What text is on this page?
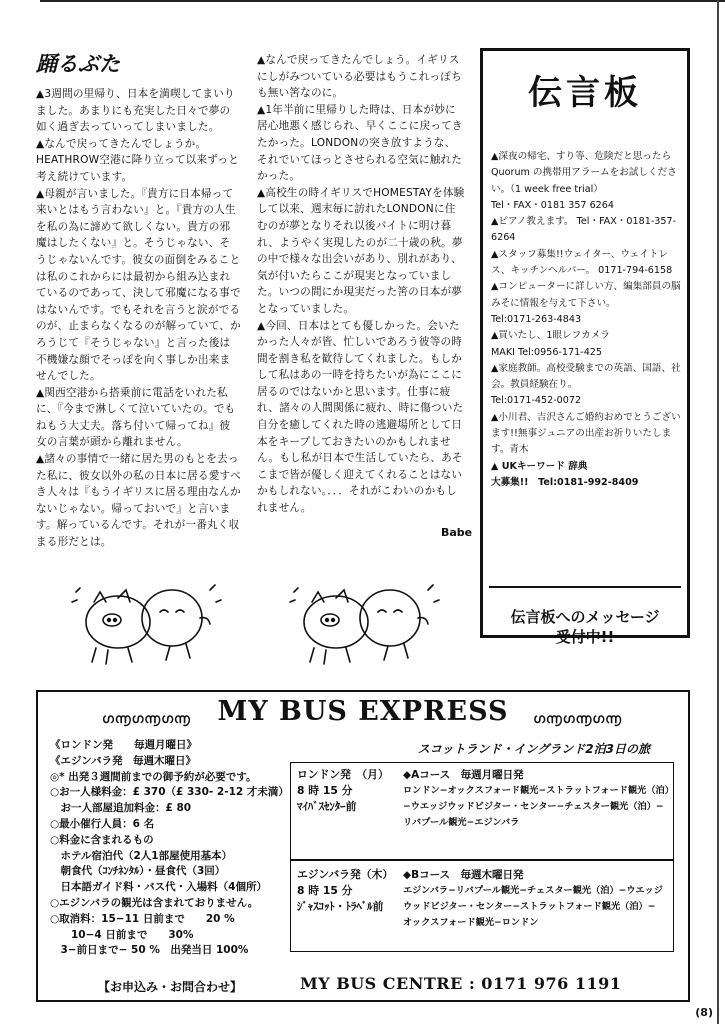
踊るぶた

▲3週間の里帰り、日本を満喫してまいりました。あまりにも充実した日々で夢の如く過ぎ去っていってしまいました。

▲なんで戻ってきたんでしょうか。

HEATHROW空港に降り立って以来ずっと考え続けています。

▲母親が言いました。『貴方に日本帰って来いとはもう言わない』と。『貴方の人生を私の為に諦めて欲しくない。貴方の邪魔はしたくない』と。そうじゃない、そうじゃないんです。彼女の面倒をみることは私のこれからには最初から組み込まれているのであって、決して邪魔になる事ではないんです。でもそれを言うと涙がでるのが、止まらなくなるのが解っていて、かろうじて『そうじゃない』と言った後は不機嫌な顔でそっぽを向く事しか出来ませんでした。

▲関西空港から搭乗前に電話をいれた私に、『今まで淋しくて泣いていたの。でもねもう大丈夫。落ち付いて帰ってね』彼女の言葉が頭から離れません。

▲諸々の事情で一緒に居た男のもとを去った私に、彼女以外の私の日本に居る愛すべき人々は『もうイギリスに居る理由なんかないじゃない。帰っておいで』と言います。解っているんです。それが一番丸く収まる形だとは。

▲なんで戻ってきたんでしょう。イギリスにしがみついている必要はもうこれっぽちも無い筈なのに。

▲1年半前に里帰りした時は、日本が妙に居心地悪く感じられ、早くここに戻ってきたかった。LONDONの突き放すような、それでいてほっとさせられる空気に触れたかった。

▲高校生の時イギリスでHOMESTAYを体験して以来、週末毎に訪れたLONDONに住むのが夢となりそれ以後バイトに明け暮れ、ようやく実現したのが二十歳の秋。夢の中で様々な出会いがあり、別れがあり、気が付いたらここが現実となっていました。いつの間にか現実だった筈の日本が夢となっていました。

▲今回、日本はとても優しかった。会いたかった人々が皆、忙しいであろう彼等の時間を割き私を歓待してくれました。もしかして私はあの一時を持ちたいが為にここに居るのではないかと思います。仕事に疲れ、諸々の人間関係に疲れ、時に傷ついた自分を癒してくれた時の逃避場所として日本をキープしておきたいのかもしれません。もし私が日本で生活していたら、あそこまで皆が優しく迎えてくれることはないかもしれない。．．．それがこわいのかもしれません。

Babe
伝言板

▲深夜の帰宅、すり等、危険だと思ったら Quorum の携帯用アラームをお試しください。（1 week free trial）

Tel・FAX・0181 357 6264

▲ピアノ教えます。 Tel・FAX・0181-357-6264

▲スタッフ募集!!ウェイター、ウェイトレス、キッチンヘルパー。 0171-794-6158

▲コンピューターに詳しい方、編集部員の脳みそに情報を与えて下さい。

Tel:0171-263-4843

▲買いたし、1眼レフカメラ

MAKI Tel:0956-171-425

▲家庭教師。高校受験までの英語、国語、社会。教員経験在り。

Tel:0171-452-0072

▲小川君、吉沢さんご婚約おめでとうございます!!無事ジュニアの出産お祈りいたします。青木

▲ UKキーワード 辞典

大募集!!　Tel:0181-992-8409

伝言板へのメッセージ
受付中!!
ഗ൬ഗ൬ഗ൬ MY BUS EXPRESS	ഗ൬ഗ൬ഗ൬
スコットランド・イングランド2泊3日の旅

《ロンドン発　　毎週月曜日》

《エジンバラ発　毎週木曜日》

◎* 出発３週間前までの御予約が必要です。

○お一人様料金：£ 370（£ 330- 2-12 才未満）

　お一人部屋追加料金：£ 80

○最小催行人員：6 名

○料金に含まれるもの

　ホテル宿泊代（2人1部屋使用基本）

　朝食代（ｺﾝﾁﾈﾝﾀﾙ）・昼食代（3回）

　日本語ガイド料・バス代・入場料（4個所）

○エジンバラの観光は含まれておりません。

○取消料：15−11 日前まで　　20 %

　　10−4 日前まで　　30%

　3−前日まで− 50 %　出発当日 100%

ロンドン発　（月）

8 時 15 分

ﾏｲﾊﾞｽｾﾝﾀｰ前

◆Aコース　毎週月曜日発

ロンドン−オックスフォード観光−ストラットフォード観光（泊）

−ウエッジウッドビジター・センター−チェスター観光（泊）−

リバプール観光−エジンバラ

エジンバラ発（木）

8 時 15 分

ｼﾞｬｽｺｯﾄ・ﾄﾗﾍﾞﾙ前

◆Bコース　毎週木曜日発

エジンバラ−リバプール観光−チェスター観光（泊）−ウエッジ

ウッドビジター・センター−ストラットフォード観光（泊）−

オックスフォード観光−ロンドン

【お申込み・お問合わせ】	MY BUS CENTRE : 0171 976 1191
(8)
